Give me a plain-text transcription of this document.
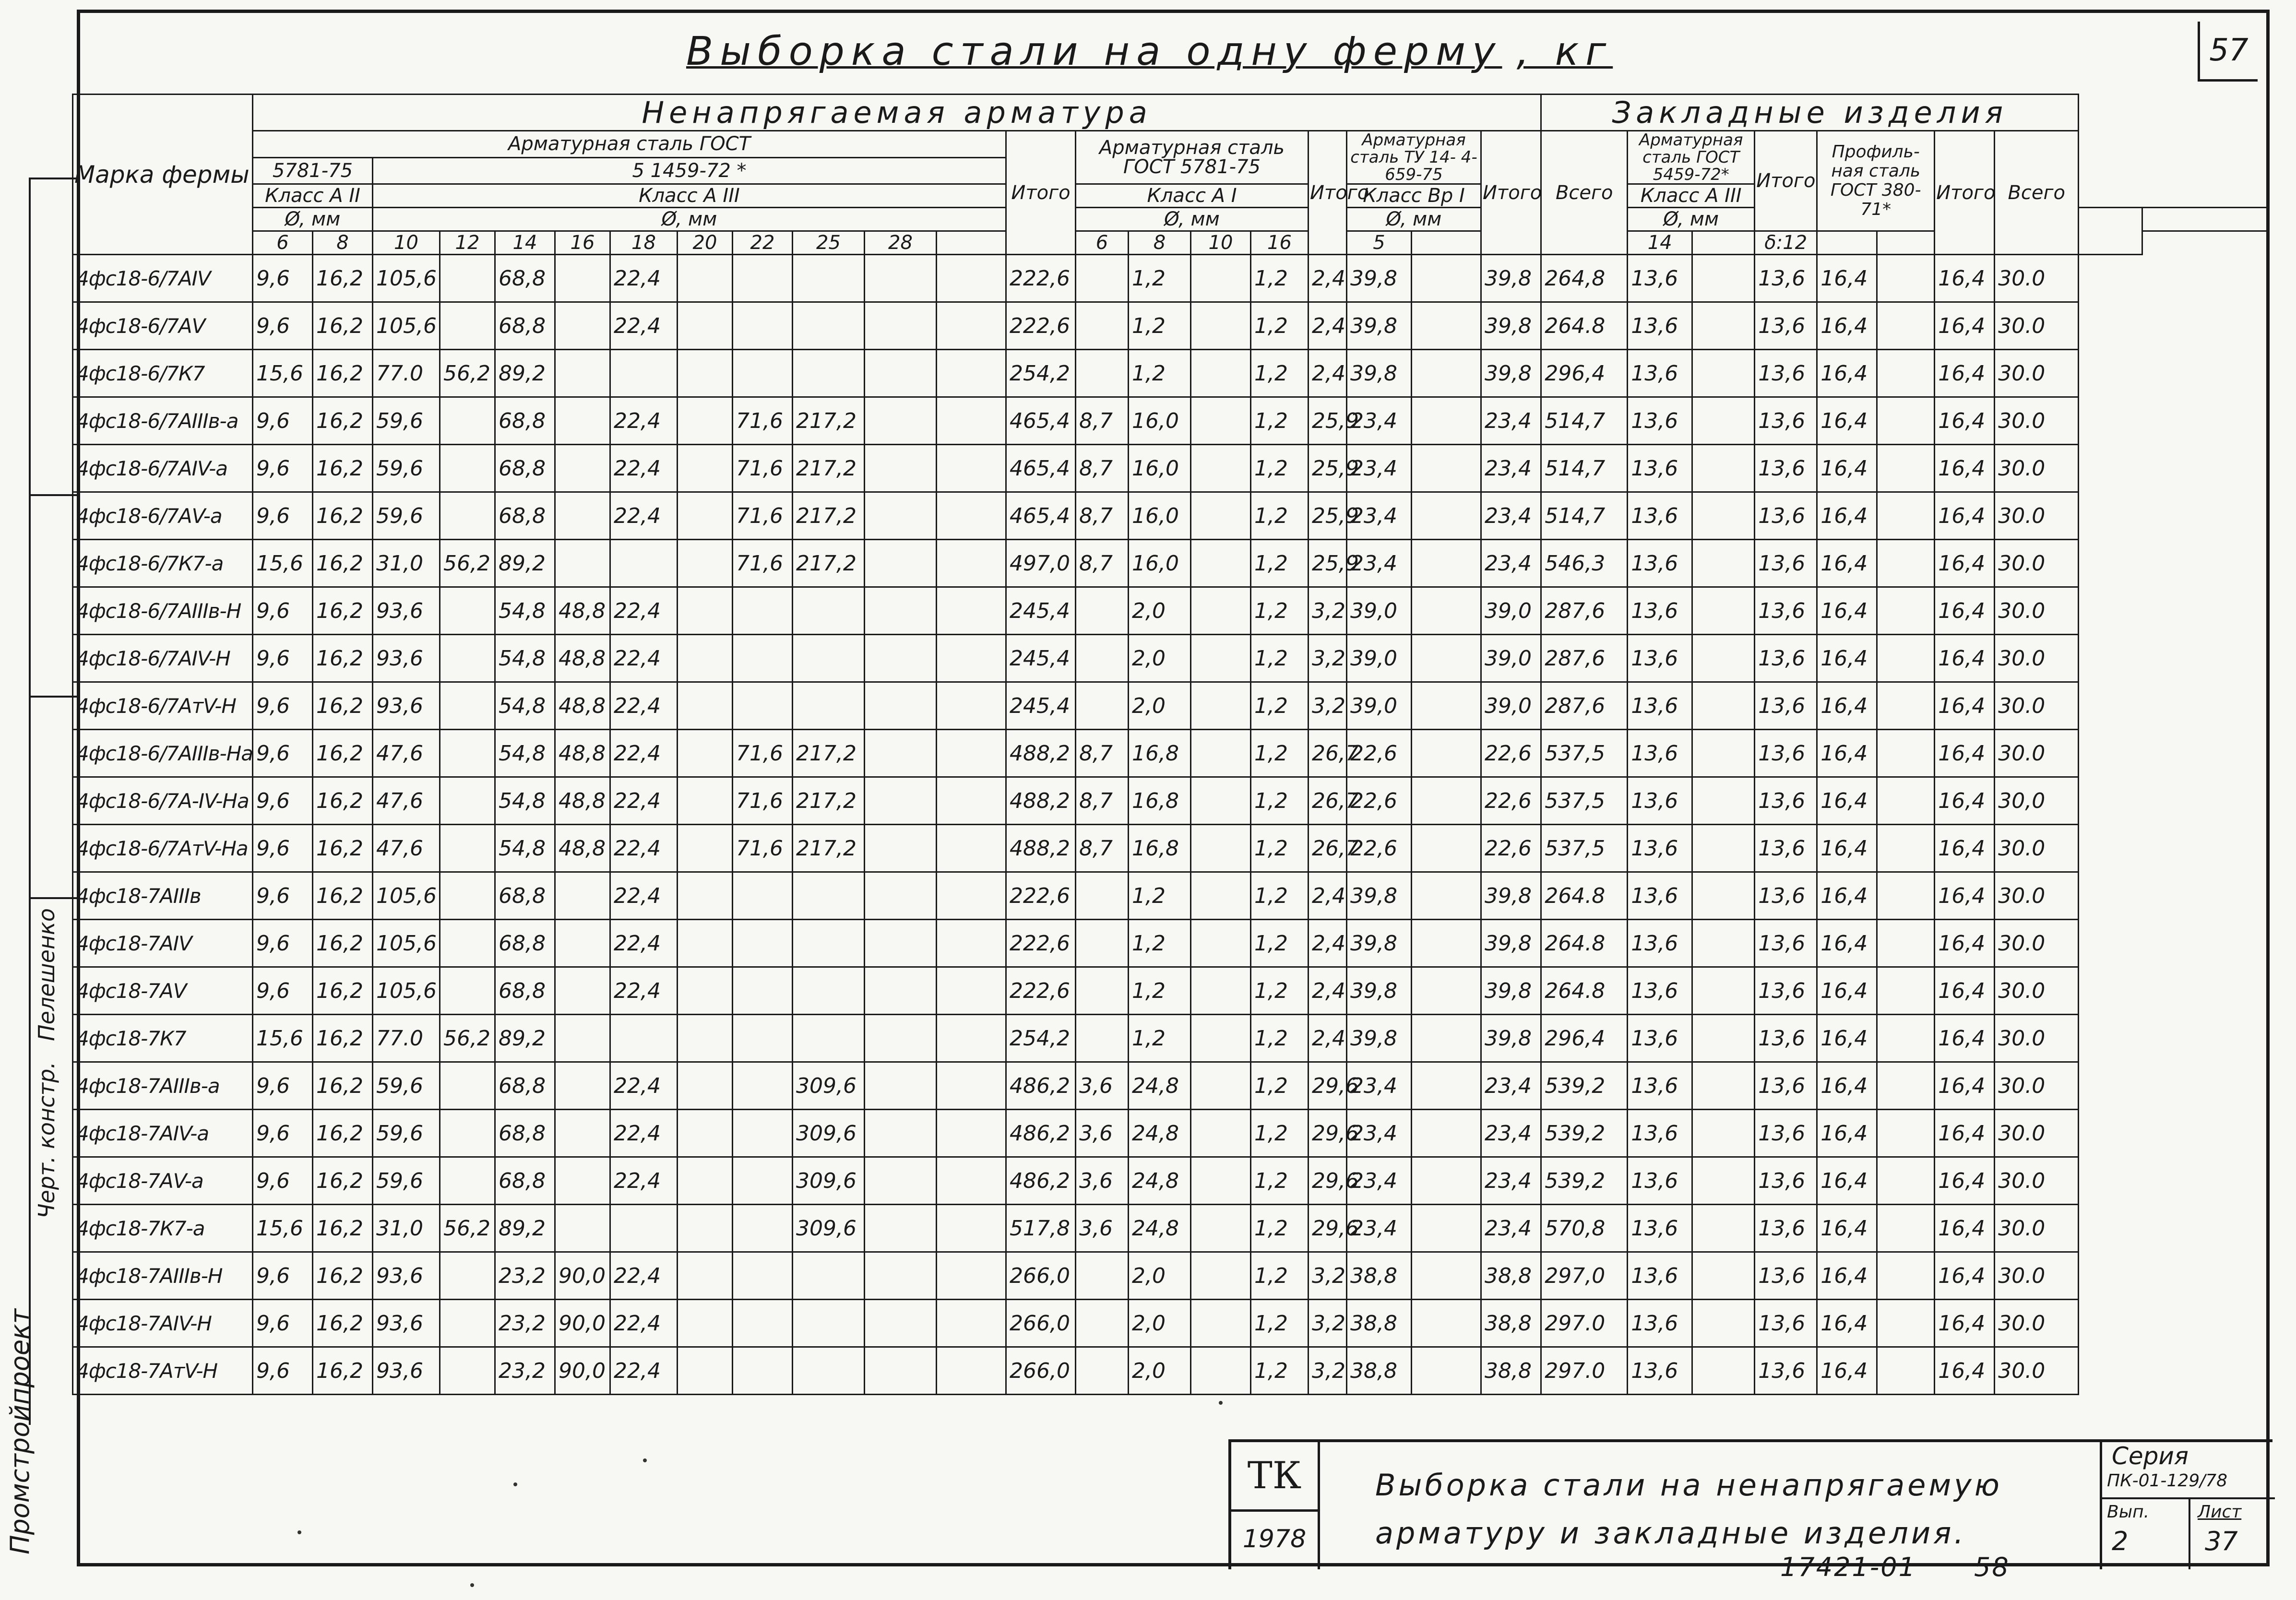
Черт. констр.
Пелешенко
Промстройпроект
57
Выборка стали на одну ферму , кг
Марка фермы	Ненапрягаемая арматура																					Закладные изделия									
	Арматурная сталь ГОСТ												Итого	Арматурная сталь ГОСТ 5781-75				Итого	Арматурная сталь ТУ 14- 4-659-75		Итого	Всего	Арматурная сталь ГОСТ 5459-72*		Итого	Профиль-ная сталь ГОСТ 380-71*		Итого	Всего		
	5781-75		5 1459-72 *																												
	Класс А II		Класс А III											Класс А I					Класс Вр I				Класс А III								
	Ø, мм		Ø, мм											Ø, мм					Ø, мм				Ø, мм								
	6	8	10	12	14	16	18	20	22	25	28			6	8	10	16		5				14		δ:12						
4фс18-6/7АIV	9,6	16,2	105,6		68,8		22,4						222,6		1,2		1,2	2,4	39,8		39,8	264,8	13,6		13,6	16,4		16,4	30.0		
4фс18-6/7АV	9,6	16,2	105,6		68,8		22,4						222,6		1,2		1,2	2,4	39,8		39,8	264.8	13,6		13,6	16,4		16,4	30.0		
4фс18-6/7К7	15,6	16,2	77.0	56,2	89,2								254,2		1,2		1,2	2,4	39,8		39,8	296,4	13,6		13,6	16,4		16,4	30.0		
4фс18-6/7АIIIв-а	9,6	16,2	59,6		68,8		22,4		71,6	217,2			465,4	8,7	16,0		1,2	25,9	23,4		23,4	514,7	13,6		13,6	16,4		16,4	30.0		
4фс18-6/7АIV-а	9,6	16,2	59,6		68,8		22,4		71,6	217,2			465,4	8,7	16,0		1,2	25,9	23,4		23,4	514,7	13,6		13,6	16,4		16,4	30.0		
4фс18-6/7АV-а	9,6	16,2	59,6		68,8		22,4		71,6	217,2			465,4	8,7	16,0		1,2	25,9	23,4		23,4	514,7	13,6		13,6	16,4		16,4	30.0		
4фс18-6/7К7-а	15,6	16,2	31,0	56,2	89,2				71,6	217,2			497,0	8,7	16,0		1,2	25,9	23,4		23,4	546,3	13,6		13,6	16,4		16,4	30.0		
4фс18-6/7АIIIв-Н	9,6	16,2	93,6		54,8	48,8	22,4						245,4		2,0		1,2	3,2	39,0		39,0	287,6	13,6		13,6	16,4		16,4	30.0		
4фс18-6/7АIV-Н	9,6	16,2	93,6		54,8	48,8	22,4						245,4		2,0		1,2	3,2	39,0		39,0	287,6	13,6		13,6	16,4		16,4	30.0		
4фс18-6/7АтV-Н	9,6	16,2	93,6		54,8	48,8	22,4						245,4		2,0		1,2	3,2	39,0		39,0	287,6	13,6		13,6	16,4		16,4	30.0		
4фс18-6/7АIIIв-На	9,6	16,2	47,6		54,8	48,8	22,4		71,6	217,2			488,2	8,7	16,8		1,2	26,7	22,6		22,6	537,5	13,6		13,6	16,4		16,4	30.0		
4фс18-6/7А-IV-На	9,6	16,2	47,6		54,8	48,8	22,4		71,6	217,2			488,2	8,7	16,8		1,2	26,7	22,6		22,6	537,5	13,6		13,6	16,4		16,4	30,0		
4фс18-6/7АтV-На	9,6	16,2	47,6		54,8	48,8	22,4		71,6	217,2			488,2	8,7	16,8		1,2	26,7	22,6		22,6	537,5	13,6		13,6	16,4		16,4	30.0		
4фс18-7АIIIв	9,6	16,2	105,6		68,8		22,4						222,6		1,2		1,2	2,4	39,8		39,8	264.8	13,6		13,6	16,4		16,4	30.0		
4фс18-7АIV	9,6	16,2	105,6		68,8		22,4						222,6		1,2		1,2	2,4	39,8		39,8	264.8	13,6		13,6	16,4		16,4	30.0		
4фс18-7АV	9,6	16,2	105,6		68,8		22,4						222,6		1,2		1,2	2,4	39,8		39,8	264.8	13,6		13,6	16,4		16,4	30.0		
4фс18-7К7	15,6	16,2	77.0	56,2	89,2								254,2		1,2		1,2	2,4	39,8		39,8	296,4	13,6		13,6	16,4		16,4	30.0		
4фс18-7АIIIв-а	9,6	16,2	59,6		68,8		22,4			309,6			486,2	3,6	24,8		1,2	29,6	23,4		23,4	539,2	13,6		13,6	16,4		16,4	30.0		
4фс18-7АIV-а	9,6	16,2	59,6		68,8		22,4			309,6			486,2	3,6	24,8		1,2	29,6	23,4		23,4	539,2	13,6		13,6	16,4		16,4	30.0		
4фс18-7АV-а	9,6	16,2	59,6		68,8		22,4			309,6			486,2	3,6	24,8		1,2	29,6	23,4		23,4	539,2	13,6		13,6	16,4		16,4	30.0		
4фс18-7К7-а	15,6	16,2	31,0	56,2	89,2					309,6			517,8	3,6	24,8		1,2	29,6	23,4		23,4	570,8	13,6		13,6	16,4		16,4	30.0		
4фс18-7АIIIв-Н	9,6	16,2	93,6		23,2	90,0	22,4						266,0		2,0		1,2	3,2	38,8		38,8	297,0	13,6		13,6	16,4		16,4	30.0		
4фс18-7АIV-Н	9,6	16,2	93,6		23,2	90,0	22,4						266,0		2,0		1,2	3,2	38,8		38,8	297.0	13,6		13,6	16,4		16,4	30.0		
4фс18-7АтV-Н	9,6	16,2	93,6		23,2	90,0	22,4						266,0		2,0		1,2	3,2	38,8		38,8	297.0	13,6		13,6	16,4		16,4	30.0		
ТК
1978
Выборка стали на ненапрягаемую
арматуру и закладные изделия.
Серия
ПК-01-129/78
Вып.
2
Лист
37
17421-01 58
